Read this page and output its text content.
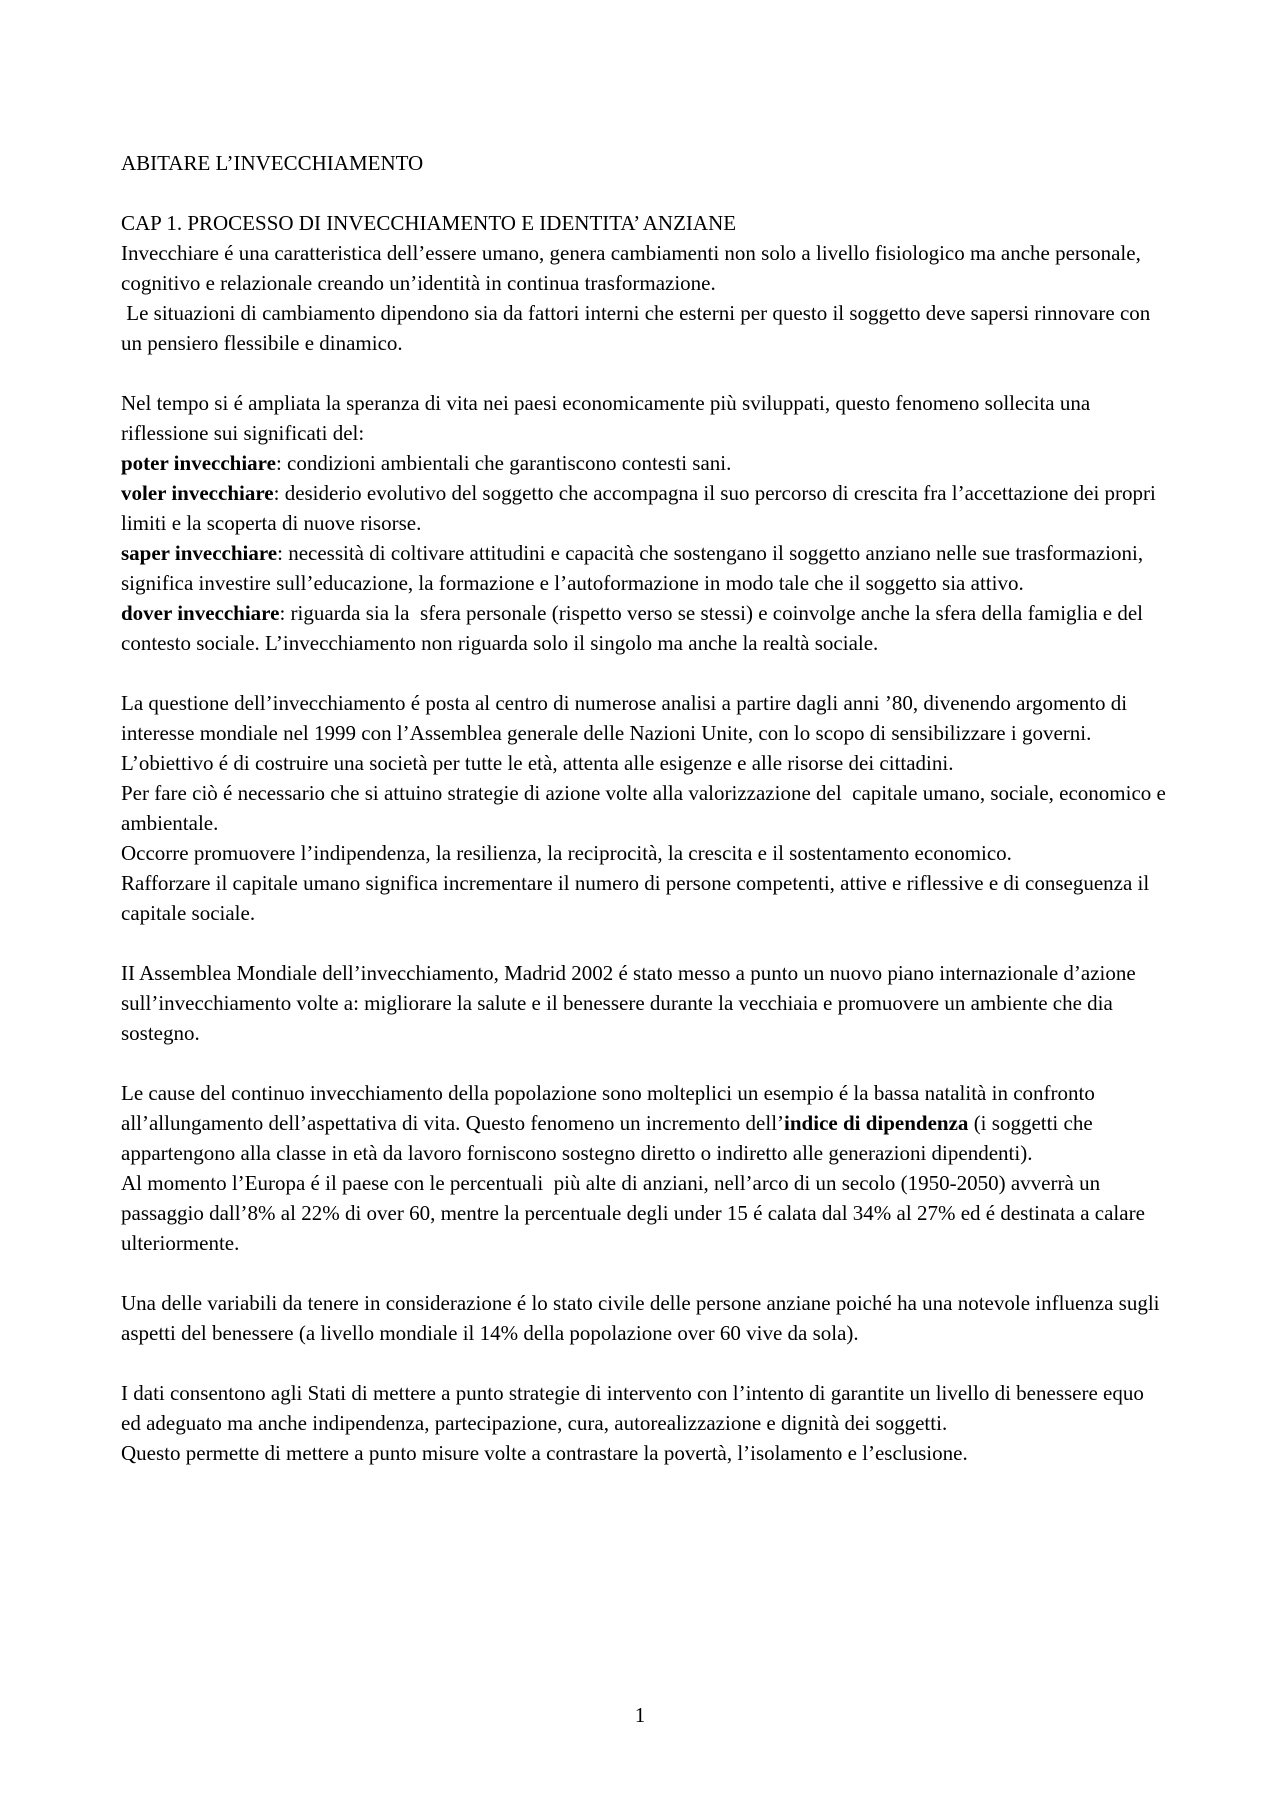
ABITARE L’INVECCHIAMENTO

CAP 1. PROCESSO DI INVECCHIAMENTO E IDENTITA’ ANZIANE

Invecchiare é una caratteristica dell’essere umano, genera cambiamenti non solo a livello fisiologico ma anche personale, cognitivo e relazionale creando un’identità in continua trasformazione.

Le situazioni di cambiamento dipendono sia da fattori interni che esterni per questo il soggetto deve sapersi rinnovare con un pensiero flessibile e dinamico.

Nel tempo si é ampliata la speranza di vita nei paesi economicamente più sviluppati, questo fenomeno sollecita una riflessione sui significati del:

poter invecchiare: condizioni ambientali che garantiscono contesti sani.

voler invecchiare: desiderio evolutivo del soggetto che accompagna il suo percorso di crescita fra l’accettazione dei propri limiti e la scoperta di nuove risorse.

saper invecchiare: necessità di coltivare attitudini e capacità che sostengano il soggetto anziano nelle sue trasformazioni, significa investire sull’educazione, la formazione e l’autoformazione in modo tale che il soggetto sia attivo.

dover invecchiare: riguarda sia la  sfera personale (rispetto verso se stessi) e coinvolge anche la sfera della famiglia e del contesto sociale. L’invecchiamento non riguarda solo il singolo ma anche la realtà sociale.

La questione dell’invecchiamento é posta al centro di numerose analisi a partire dagli anni ’80, divenendo argomento di interesse mondiale nel 1999 con l’Assemblea generale delle Nazioni Unite, con lo scopo di sensibilizzare i governi. L’obiettivo é di costruire una società per tutte le età, attenta alle esigenze e alle risorse dei cittadini.

Per fare ciò é necessario che si attuino strategie di azione volte alla valorizzazione del  capitale umano, sociale, economico e ambientale.

Occorre promuovere l’indipendenza, la resilienza, la reciprocità, la crescita e il sostentamento economico.

Rafforzare il capitale umano significa incrementare il numero di persone competenti, attive e riflessive e di conseguenza il capitale sociale.

II Assemblea Mondiale dell’invecchiamento, Madrid 2002 é stato messo a punto un nuovo piano internazionale d’azione sull’invecchiamento volte a: migliorare la salute e il benessere durante la vecchiaia e promuovere un ambiente che dia sostegno.

Le cause del continuo invecchiamento della popolazione sono molteplici un esempio é la bassa natalità in confronto all’allungamento dell’aspettativa di vita. Questo fenomeno un incremento dell’indice di dipendenza (i soggetti che appartengono alla classe in età da lavoro forniscono sostegno diretto o indiretto alle generazioni dipendenti).

Al momento l’Europa é il paese con le percentuali  più alte di anziani, nell’arco di un secolo (1950-2050) avverrà un passaggio dall’8% al 22% di over 60, mentre la percentuale degli under 15 é calata dal 34% al 27% ed é destinata a calare ulteriormente.

Una delle variabili da tenere in considerazione é lo stato civile delle persone anziane poiché ha una notevole influenza sugli aspetti del benessere (a livello mondiale il 14% della popolazione over 60 vive da sola).

I dati consentono agli Stati di mettere a punto strategie di intervento con l’intento di garantite un livello di benessere equo ed adeguato ma anche indipendenza, partecipazione, cura, autorealizzazione e dignità dei soggetti.

Questo permette di mettere a punto misure volte a contrastare la povertà, l’isolamento e l’esclusione.

1
